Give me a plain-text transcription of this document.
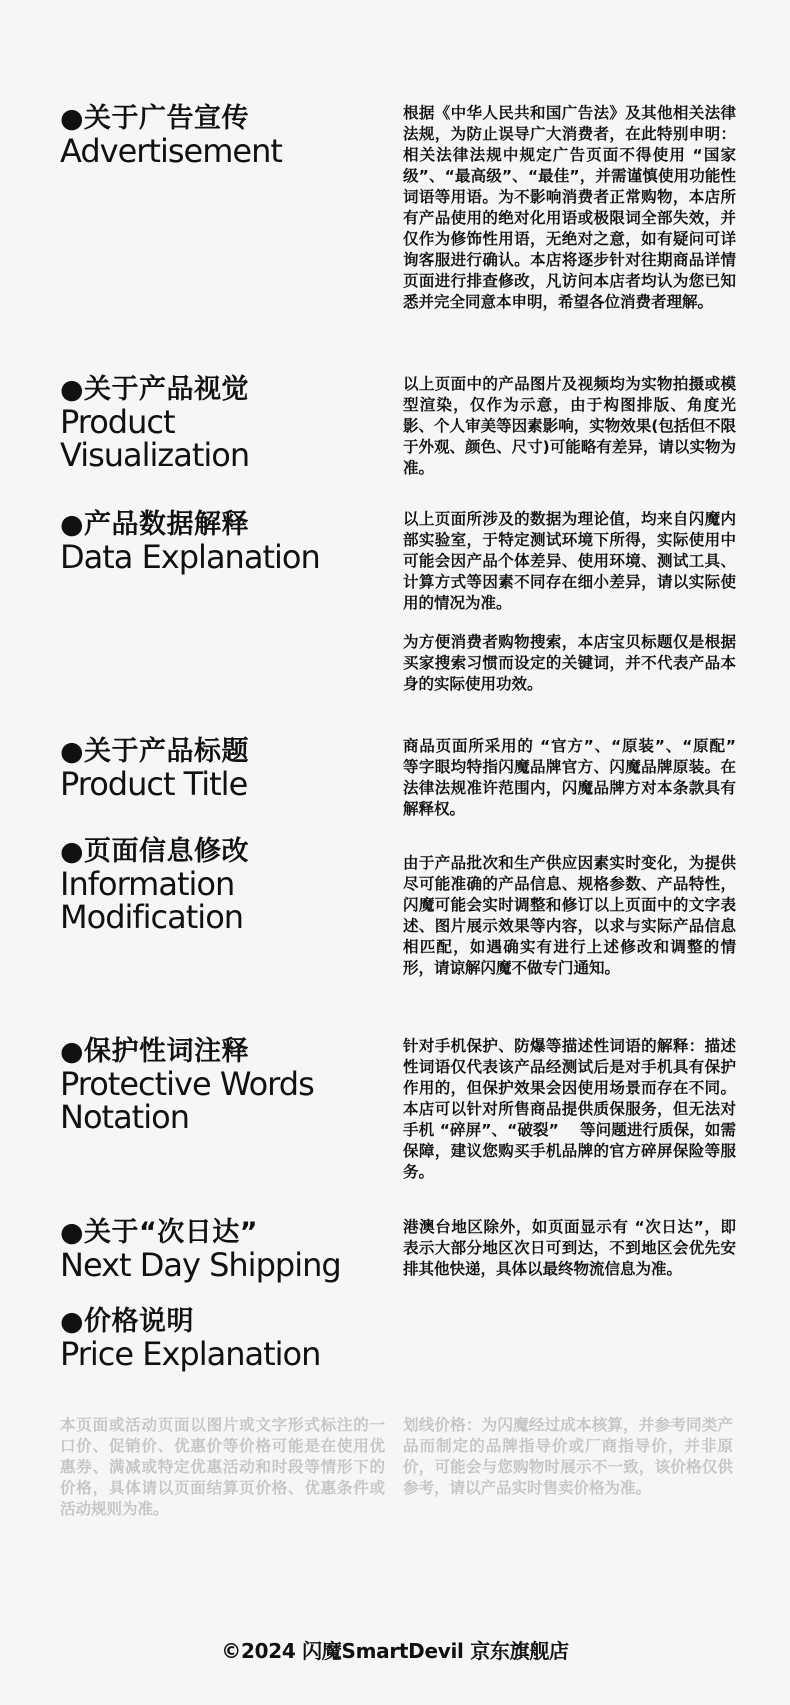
●关于广告宣传
Advertisement

根据《中华人民共和国广告法》及其他相关法律法规，为防止误导广大消费者，在此特别申明：相关法律法规中规定广告页面不得使用 “国家级”、“最高级”、“最佳”，并需谨慎使用功能性词语等用语。为不影响消费者正常购物，本店所有产品使用的绝对化用语或极限词全部失效，并仅作为修饰性用语，无绝对之意，如有疑问可详询客服进行确认。本店将逐步针对往期商品详情页面进行排查修改，凡访问本店者均认为您已知悉并完全同意本申明，希望各位消费者理解。

●关于产品视觉
Product
Visualization

以上页面中的产品图片及视频均为实物拍摄或模型渲染，仅作为示意，由于构图排版、角度光影、个人审美等因素影响，实物效果(包括但不限于外观、颜色、尺寸)可能略有差异，请以实物为准。

●产品数据解释
Data Explanation

以上页面所涉及的数据为理论值，均来自闪魔内部实验室，于特定测试环境下所得，实际使用中可能会因产品个体差异、使用环境、测试工具、计算方式等因素不同存在细小差异，请以实际使用的情况为准。

为方便消费者购物搜索，本店宝贝标题仅是根据买家搜索习惯而设定的关键词，并不代表产品本身的实际使用功效。

●关于产品标题
Product Title

商品页面所采用的 “官方”、“原装”、“原配” 等字眼均特指闪魔品牌官方、闪魔品牌原装。在法律法规准许范围内，闪魔品牌方对本条款具有解释权。

●页面信息修改
Information
Modification

由于产品批次和生产供应因素实时变化，为提供尽可能准确的产品信息、规格参数、产品特性，闪魔可能会实时调整和修订以上页面中的文字表述、图片展示效果等内容，以求与实际产品信息相匹配，如遇确实有进行上述修改和调整的情形，请谅解闪魔不做专门通知。

●保护性词注释
Protective Words
Notation

针对手机保护、防爆等描述性词语的解释：描述性词语仅代表该产品经测试后是对手机具有保护作用的，但保护效果会因使用场景而存在不同。本店可以针对所售商品提供质保服务，但无法对手机 “碎屏”、“破裂”　 等问题进行质保，如需保障，建议您购买手机品牌的官方碎屏保险等服务。

●关于“次日达”
Next Day Shipping

港澳台地区除外，如页面显示有 “次日达”，即表示大部分地区次日可到达，不到地区会优先安排其他快递，具体以最终物流信息为准。

●价格说明
Price Explanation

本页面或活动页面以图片或文字形式标注的一口价、促销价、优惠价等价格可能是在使用优惠券、满减或特定优惠活动和时段等情形下的价格，具体请以页面结算页价格、优惠条件或活动规则为准。

划线价格：为闪魔经过成本核算，并参考同类产品而制定的品牌指导价或厂商指导价，并非原价，可能会与您购物时展示不一致，该价格仅供参考，请以产品实时售卖价格为准。

©2024 闪魔SmartDevil 京东旗舰店
